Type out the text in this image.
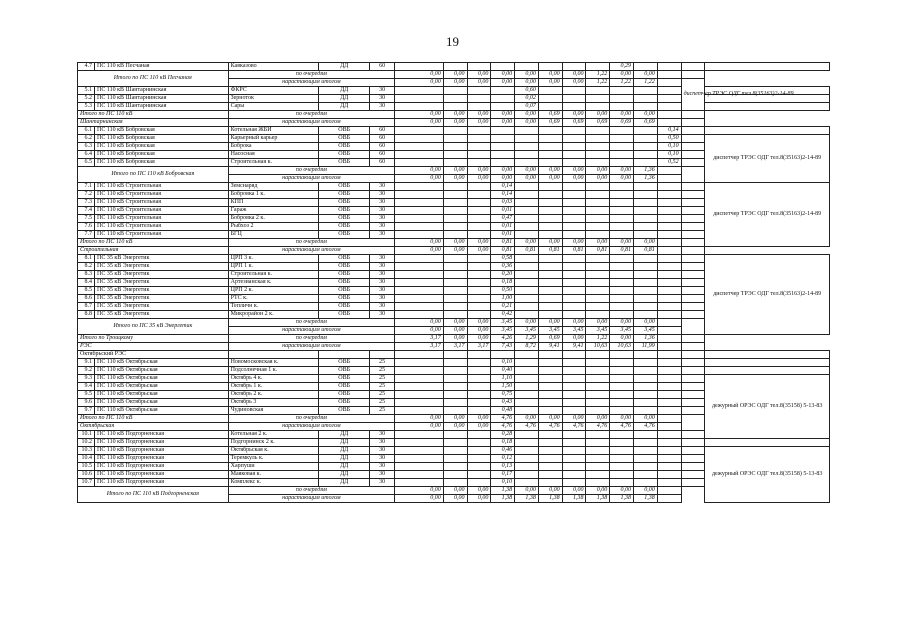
19
4.7	ПС 110 кВ Песчаная	Кавказово	ДД	60									0,29				
Итого по ПС 110 кВ Песчаная		по очередям			0,00	0,00	0,00	0,00	0,00	0,00	0,00	1,22	0,00	0,00			
		нарастающим итогом			0,00	0,00	0,00	0,00	0,00	0,00	0,00	1,22	1,22	1,22		диспетчер ТРЭС ОДГ тел.8(35163)2-14-89	
5.1	ПС 110 кВ Шантарнинская	ФКРС	ДД	30					0,60								
5.2	ПС 110 кВ Шантарнинская	Зерноток	ДД	30					0,02								
5.3	ПС 110 кВ Шантарнинская	Сары	ДД	30					0,07								
Итого по ПС 110 кВ		по очередям			0,00	0,00	0,00	0,00	0,00	0,69	0,00	0,00	0,00	0,00			
Шантарнинская		нарастающим итогом			0,00	0,00	0,00	0,00	0,00	0,69	0,69	0,69	0,69	0,69			
6.1	ПС 110 кВ Бобровская	Котельная ЖБИ	ОВБ	60											0,14		
6.2	ПС 110 кВ Бобровская	Карьерный карьер	ОВБ	60											0,50		диспетчер ТРЭС ОДГ тел.8(35163)2-14-89
6.3	ПС 110 кВ Бобровская	Боброка	ОВБ	60											0,10		
6.4	ПС 110 кВ Бобровская	Насосная	ОВБ	60											0,10		
6.5	ПС 110 кВ Бобровская	Строительная к.	ОВБ	60											0,52		
Итого по ПС 110 кВ Бобровская		по очередям			0,00	0,00	0,00	0,00	0,00	0,00	0,00	0,00	0,00	1,36			
		нарастающим итогом			0,00	0,00	0,00	0,00	0,00	0,00	0,00	0,00	0,00	1,36			
7.1	ПС 110 кВ Строительная	Земснаряд	ОВБ	30				0,14									диспетчер ТРЭС ОДГ тел.8(35163)2-14-89
7.2	ПС 110 кВ Строительная	Бобровка 1 к.	ОВБ	30				0,14									
7.3	ПС 110 кВ Строительная	КПП	ОВБ	30				0,03									
7.4	ПС 110 кВ Строительная	Гараж	ОВБ	30				0,01									
7.5	ПС 110 кВ Строительная	Бобровка 2 к.	ОВБ	30				0,47									
7.6	ПС 110 кВ Строительная	Рыбхоз 2	ОВБ	30				0,01									
7.7	ПС 110 кВ Строительная	БГЦ	ОВБ	30				0,01									
Итого по ПС 110 кВ		по очередям			0,00	0,00	0,00	0,81	0,00	0,00	0,00	0,00	0,00	0,00			
Строительная		нарастающим итогом			0,00	0,00	0,00	0,81	0,81	0,81	0,81	0,81	0,81	0,81			
8.1	ПС 35 кВ Энергетик	ЦРП 3 к.	ОВБ	30				0,58									диспетчер ТРЭС ОДГ тел.8(35163)2-14-89
8.2	ПС 35 кВ Энергетик	ЦРП 1 к.	ОВБ	30				0,36									
8.3	ПС 35 кВ Энергетик	Строительная к.	ОВБ	30				0,20									
8.4	ПС 35 кВ Энергетик	Артезианская к.	ОВБ	30				0,18									
8.5	ПС 35 кВ Энергетик	ЦРП 2 к.	ОВБ	30				0,50									
8.6	ПС 35 кВ Энергетик	РТС к.	ОВБ	30				1,00									
8.7	ПС 35 кВ Энергетик	Тепличн к.	ОВБ	30				0,21									
8.8	ПС 35 кВ Энергетик	Микрорайон 2 к.	ОВБ	30				0,42									
Итого по ПС 35 кВ Энергетик		по очередям			0,00	0,00	0,00	3,45	0,00	0,00	0,00	0,00	0,00	0,00			
		нарастающим итогом			0,00	0,00	0,00	3,45	3,45	3,45	3,45	3,45	3,45	3,45			
Итого по Троицкому		по очередям			3,17	0,00	0,00	4,26	1,29	0,69	0,00	1,22	0,00	1,36			
РЭС		нарастающим итогом			3,17	3,17	3,17	7,43	8,72	9,41	9,41	10,63	10,63	11,99			
Октябрьский РЭС																	
9.1	ПС 110 кВ Октябрьская	Новомосковская к.	ОВБ	25				0,10									
9.2	ПС 110 кВ Октябрьская	Подсолнечная 1 к.	ОВБ	25				0,40									
9.3	ПС 110 кВ Октябрьская	Октябрь 4 к.	ОВБ	25				1,10									дежурный ОРЭС ОДГ тел.8(35158) 5-13-83
9.4	ПС 110 кВ Октябрьская	Октябрь 1 к.	ОВБ	25				1,50									
9.5	ПС 110 кВ Октябрьская	Октябрь 2 к.	ОВБ	25				0,75									
9.6	ПС 110 кВ Октябрьская	Октябрь 3	ОВБ	25				0,43									
9.7	ПС 110 кВ Октябрьская	Чудиновская	ОВБ	25				0,48									
Итого по ПС 110 кВ		по очередям			0,00	0,00	0,00	4,76	0,00	0,00	0,00	0,00	0,00	0,00			
Октябрьская		нарастающим итогом			0,00	0,00	0,00	4,76	4,76	4,76	4,76	4,76	4,76	4,76			
10.1	ПС 110 кВ Подгорненская	Котельная 2 к.	ДД	30				0,28									
10.2	ПС 110 кВ Подгорненская	Подгорнинск 2 к.	ДД	30				0,18									
10.3	ПС 110 кВ Подгорненская	Октябрьская к.	ДД	30				0,46									дежурный ОРЭС ОДГ тел.8(35158) 5-13-83
10.4	ПС 110 кВ Подгорненская	Теремкуль к.	ДД	30				0,12									
10.5	ПС 110 кВ Подгорненская	Харпуши	ДД	30				0,13									
10.6	ПС 110 кВ Подгорненская	Маяковая к.	ДД	30				0,17									
10.7	ПС 110 кВ Подгорненская	Комплекс к.	ДД	30				0,10									
Итого по ПС 110 кВ Подгорненская		по очередям			0,00	0,00	0,00	1,38	0,00	0,00	0,00	0,00	0,00	0,00			
		нарастающим итогом			0,00	0,00	0,00	1,38	1,38	1,38	1,38	1,38	1,38	1,38			
